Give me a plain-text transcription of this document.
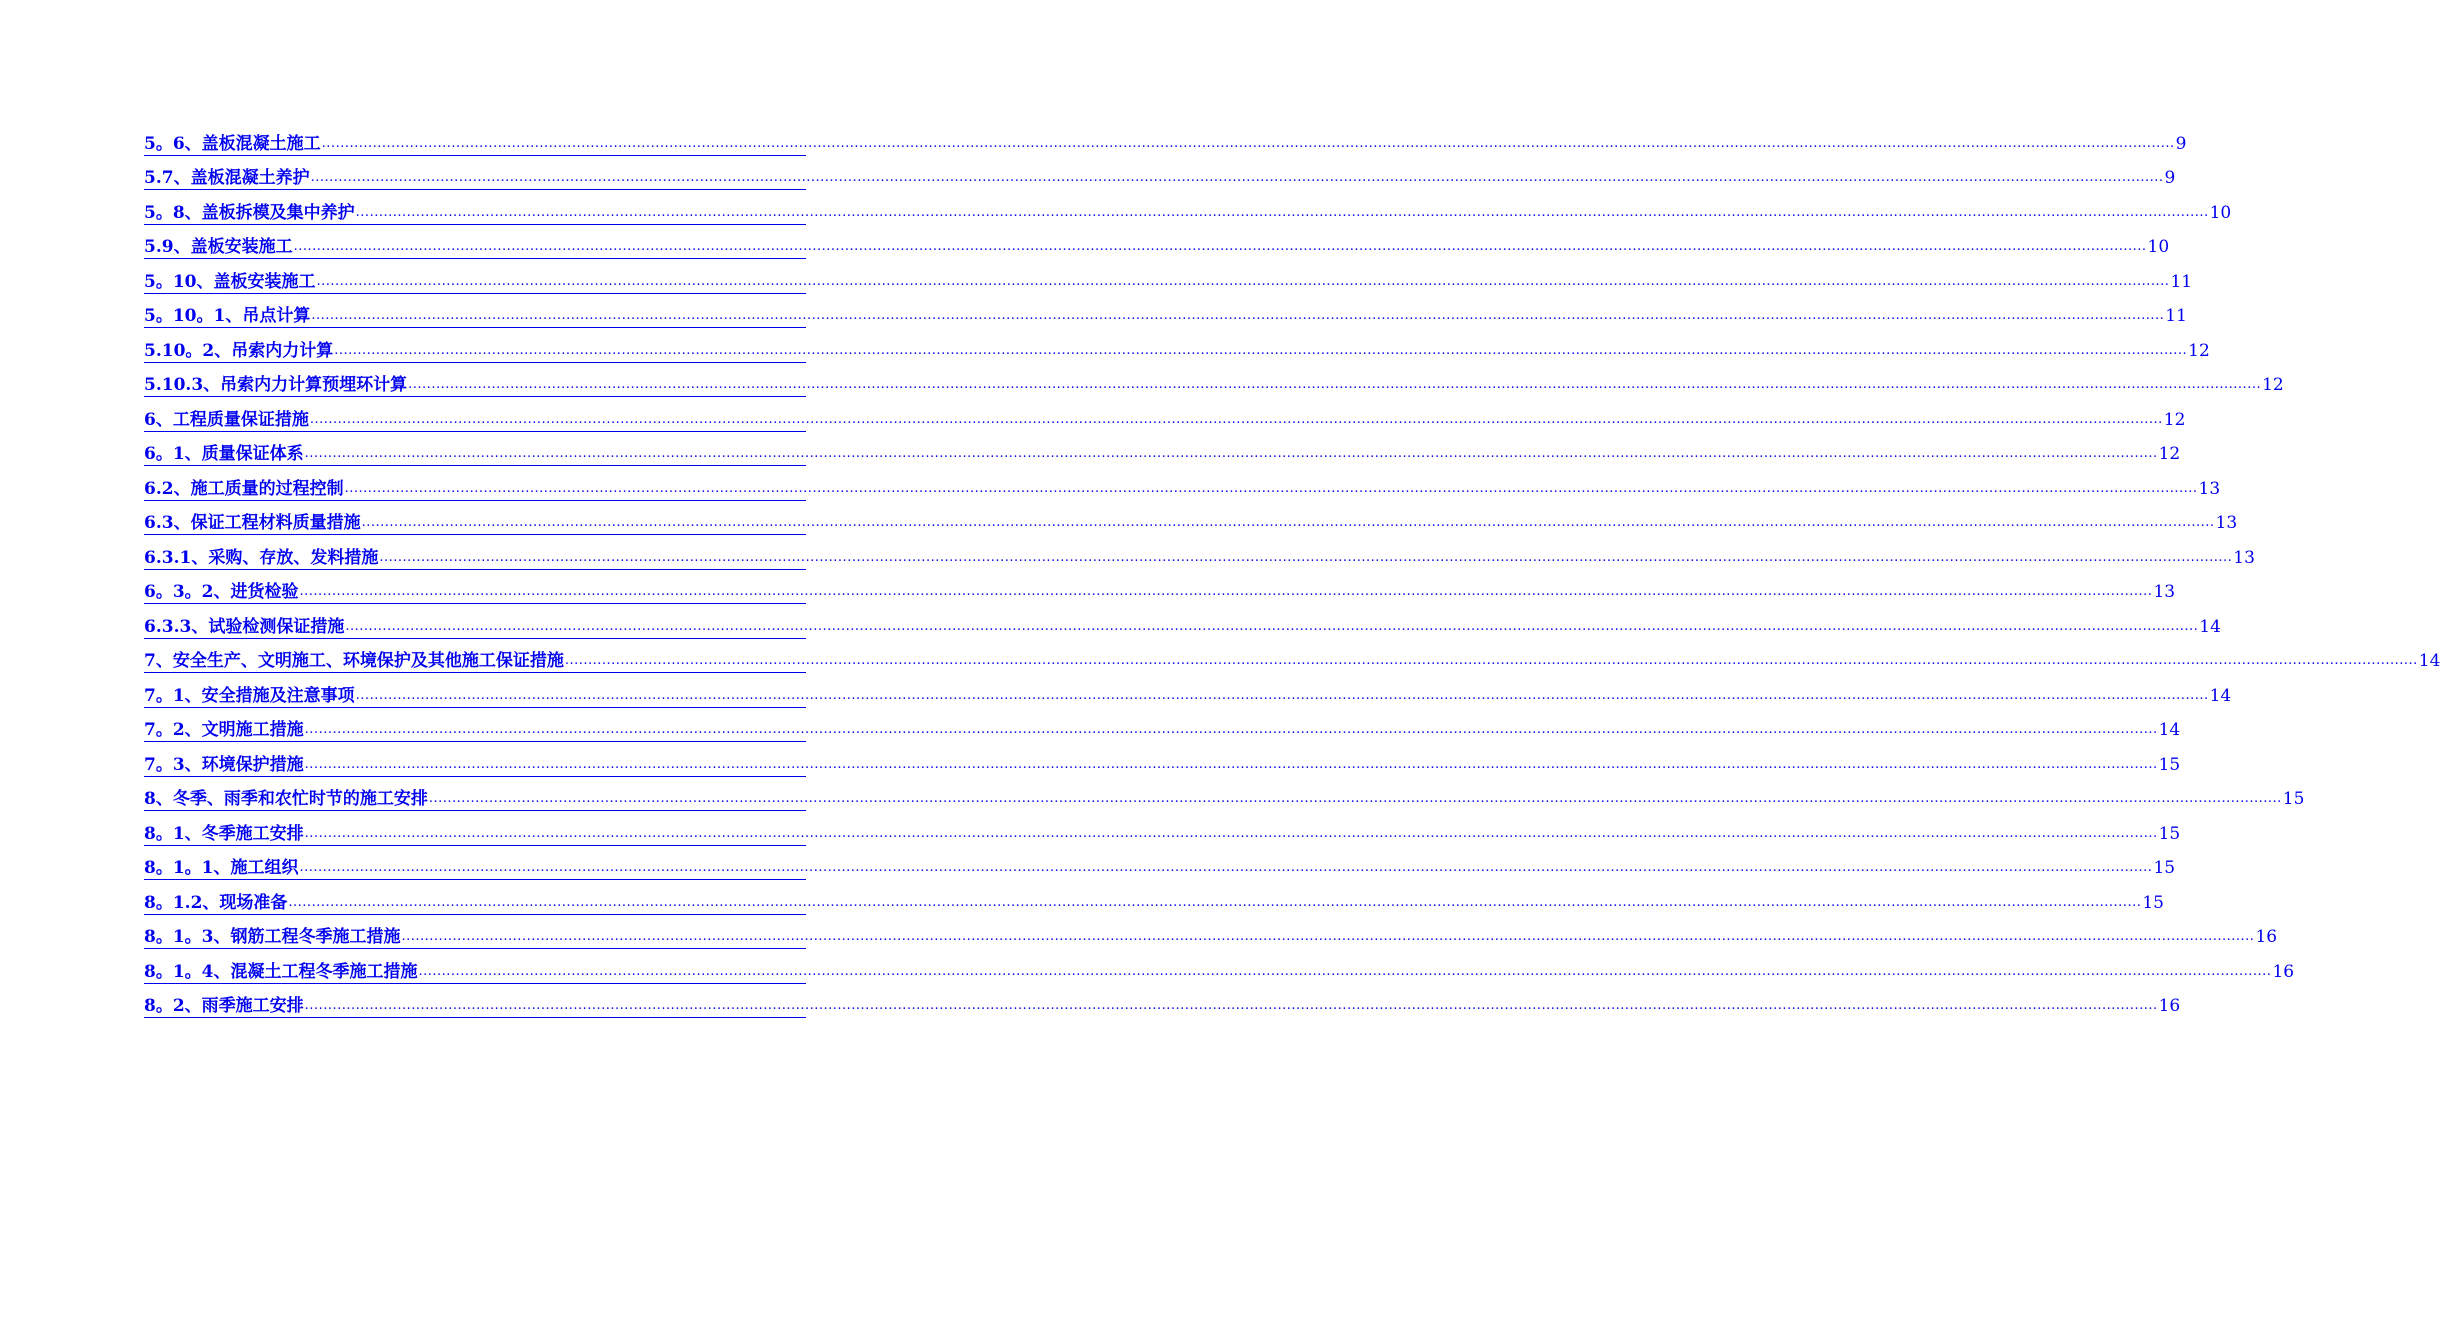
5。6、盖板混凝土施工 ................................................................................................................................................................................................................................................................................................................................................................................................................ 9
5.7、盖板混凝土养护 ................................................................................................................................................................................................................................................................................................................................................................................................................ 9
5。8、盖板拆模及集中养护 ................................................................................................................................................................................................................................................................................................................................................................................................................ 10
5.9、盖板安装施工 ................................................................................................................................................................................................................................................................................................................................................................................................................ 10
5。10、盖板安装施工 ................................................................................................................................................................................................................................................................................................................................................................................................................ 11
5。10。1、吊点计算 ................................................................................................................................................................................................................................................................................................................................................................................................................ 11
5.10。2、吊索内力计算 ................................................................................................................................................................................................................................................................................................................................................................................................................ 12
5.10.3、吊索内力计算预埋环计算 ................................................................................................................................................................................................................................................................................................................................................................................................................ 12
6、工程质量保证措施 ................................................................................................................................................................................................................................................................................................................................................................................................................ 12
6。1、质量保证体系 ................................................................................................................................................................................................................................................................................................................................................................................................................ 12
6.2、施工质量的过程控制 ................................................................................................................................................................................................................................................................................................................................................................................................................ 13
6.3、保证工程材料质量措施 ................................................................................................................................................................................................................................................................................................................................................................................................................ 13
6.3.1、采购、存放、发料措施 ................................................................................................................................................................................................................................................................................................................................................................................................................ 13
6。3。2、进货检验 ................................................................................................................................................................................................................................................................................................................................................................................................................ 13
6.3.3、试验检测保证措施 ................................................................................................................................................................................................................................................................................................................................................................................................................ 14
7、安全生产、文明施工、环境保护及其他施工保证措施 ................................................................................................................................................................................................................................................................................................................................................................................................................ 14
7。1、安全措施及注意事项 ................................................................................................................................................................................................................................................................................................................................................................................................................ 14
7。2、文明施工措施 ................................................................................................................................................................................................................................................................................................................................................................................................................ 14
7。3、环境保护措施 ................................................................................................................................................................................................................................................................................................................................................................................................................ 15
8、冬季、雨季和农忙时节的施工安排 ................................................................................................................................................................................................................................................................................................................................................................................................................ 15
8。1、冬季施工安排 ................................................................................................................................................................................................................................................................................................................................................................................................................ 15
8。1。1、施工组织 ................................................................................................................................................................................................................................................................................................................................................................................................................ 15
8。1.2、现场准备 ................................................................................................................................................................................................................................................................................................................................................................................................................ 15
8。1。3、钢筋工程冬季施工措施 ................................................................................................................................................................................................................................................................................................................................................................................................................ 16
8。1。4、混凝土工程冬季施工措施 ................................................................................................................................................................................................................................................................................................................................................................................................................ 16
8。2、雨季施工安排 ................................................................................................................................................................................................................................................................................................................................................................................................................ 16
